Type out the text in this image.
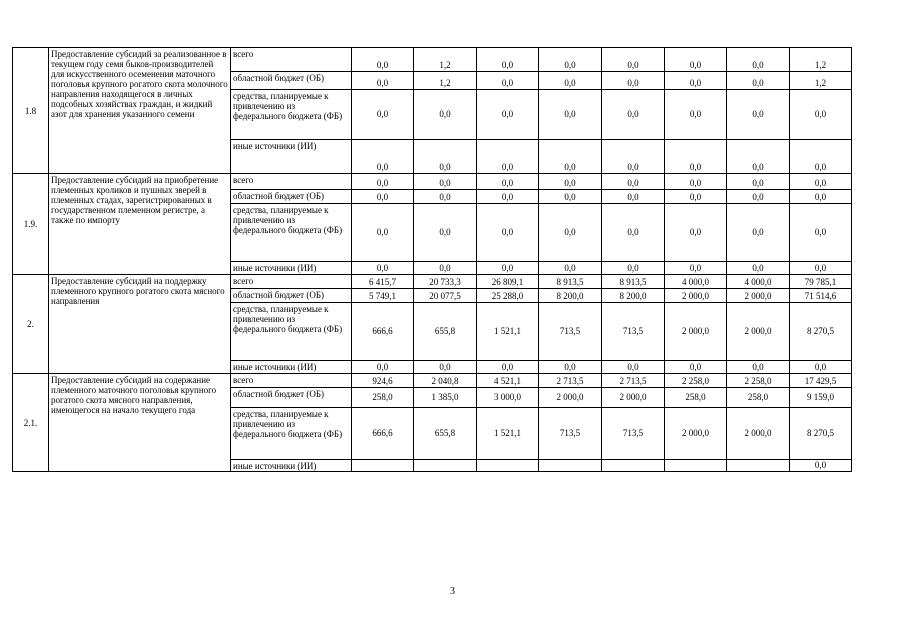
1.8	Предоставление субсидий за реализованное в текущем году семя быков-производителей для искусственного осеменения маточного поголовья крупного рогатого скота молочного направления находящегося в личных подсобных хозяйствах граждан, и жидкий азот для хранения указанного семени	всего	0,0	1,2	0,0	0,0	0,0	0,0	0,0	1,2
		областной бюджет (ОБ)	0,0	1,2	0,0	0,0	0,0	0,0	0,0	1,2
		средства, планируемые к привлечению из федерального бюджета (ФБ)	0,0	0,0	0,0	0,0	0,0	0,0	0,0	0,0
		иные источники (ИИ)	0,0	0,0	0,0	0,0	0,0	0,0	0,0	0,0
1.9.	Предоставление субсидий на приобретение племенных кроликов и пушных зверей в племенных стадах, зарегистрированных в государственном племенном регистре, а также по импорту	всего	0,0	0,0	0,0	0,0	0,0	0,0	0,0	0,0
		областной бюджет (ОБ)	0,0	0,0	0,0	0,0	0,0	0,0	0,0	0,0
		средства, планируемые к привлечению из федерального бюджета (ФБ)	0,0	0,0	0,0	0,0	0,0	0,0	0,0	0,0
		иные источники (ИИ)	0,0	0,0	0,0	0,0	0,0	0,0	0,0	0,0
2.	Предоставление субсидий на поддержку племенного крупного рогатого скота мясного направления	всего	6 415,7	20 733,3	26 809,1	8 913,5	8 913,5	4 000,0	4 000,0	79 785,1
		областной бюджет (ОБ)	5 749,1	20 077,5	25 288,0	8 200,0	8 200,0	2 000,0	2 000,0	71 514,6
		средства, планируемые к привлечению из федерального бюджета (ФБ)	666,6	655,8	1 521,1	713,5	713,5	2 000,0	2 000,0	8 270,5
		иные источники (ИИ)	0,0	0,0	0,0	0,0	0,0	0,0	0,0	0,0
2.1.	Предоставление субсидий на содержание племенного маточного поголовья крупного рогатого скота мясного направления, имеющегося на начало текущего года	всего	924,6	2 040,8	4 521,1	2 713,5	2 713,5	2 258,0	2 258,0	17 429,5
		областной бюджет (ОБ)	258,0	1 385,0	3 000,0	2 000,0	2 000,0	258,0	258,0	9 159,0
		средства, планируемые к привлечению из федерального бюджета (ФБ)	666,6	655,8	1 521,1	713,5	713,5	2 000,0	2 000,0	8 270,5
		иные источники (ИИ)								0,0
3
